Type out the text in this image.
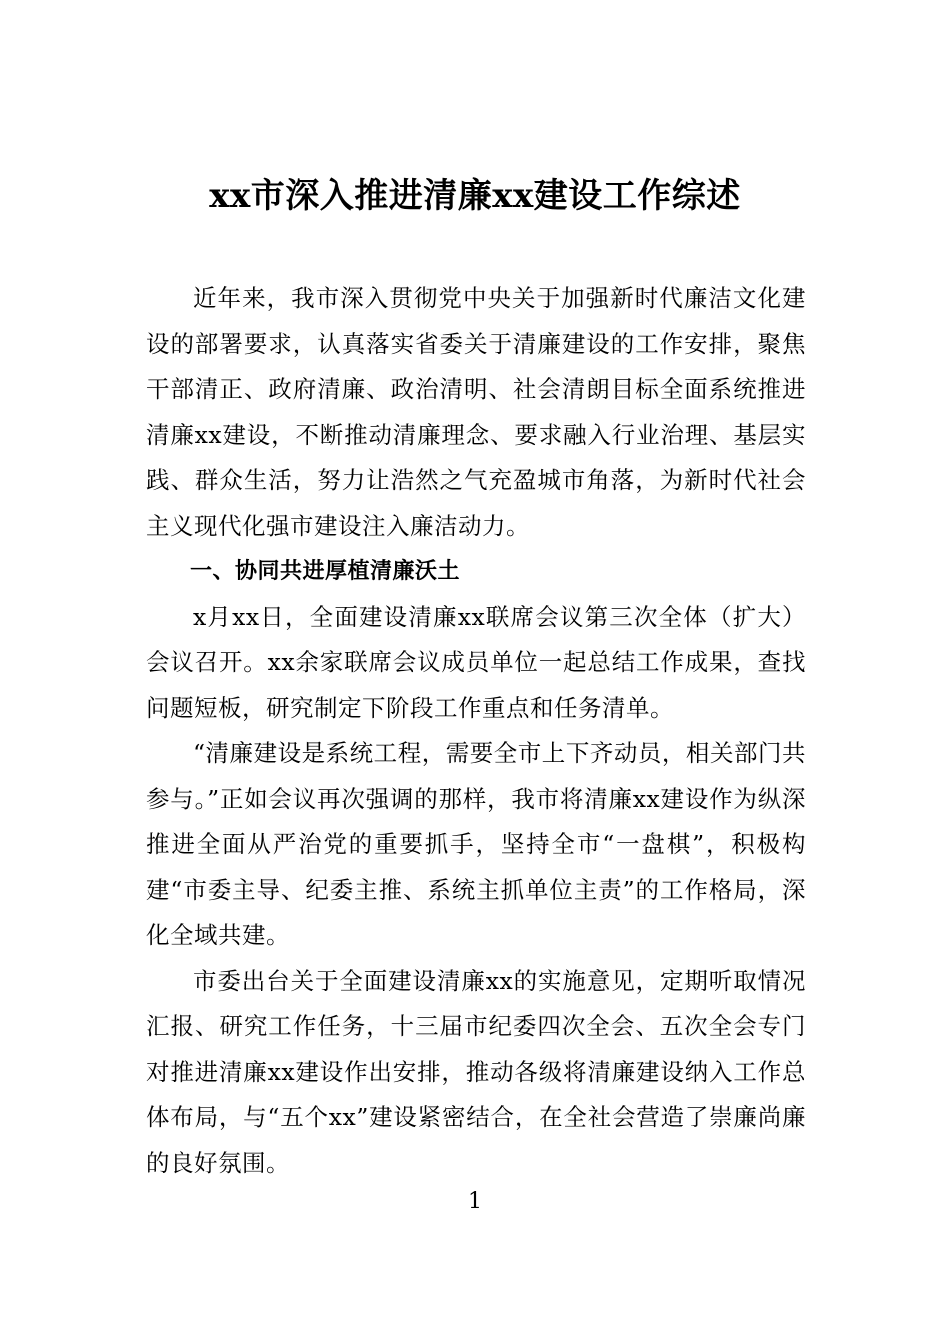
xx市深入推进清廉xx建设工作综述

近年来，我市深入贯彻党中央关于加强新时代廉洁文化建设的部署要求，认真落实省委关于清廉建设的工作安排，聚焦干部清正、政府清廉、政治清明、社会清朗目标全面系统推进清廉xx建设，不断推动清廉理念、要求融入行业治理、基层实践、群众生活，努力让浩然之气充盈城市角落，为新时代社会主义现代化强市建设注入廉洁动力。

一、协同共进厚植清廉沃土

x月xx日，全面建设清廉xx联席会议第三次全体（扩大）会议召开。xx余家联席会议成员单位一起总结工作成果，查找问题短板，研究制定下阶段工作重点和任务清单。

“清廉建设是系统工程，需要全市上下齐动员，相关部门共参与。”正如会议再次强调的那样，我市将清廉xx建设作为纵深推进全面从严治党的重要抓手，坚持全市“一盘棋”，积极构建“市委主导、纪委主推、系统主抓单位主责”的工作格局，深化全域共建。

市委出台关于全面建设清廉xx的实施意见，定期听取情况汇报、研究工作任务，十三届市纪委四次全会、五次全会专门对推进清廉xx建设作出安排，推动各级将清廉建设纳入工作总体布局，与“五个xx”建设紧密结合，在全社会营造了崇廉尚廉的良好氛围。

1
